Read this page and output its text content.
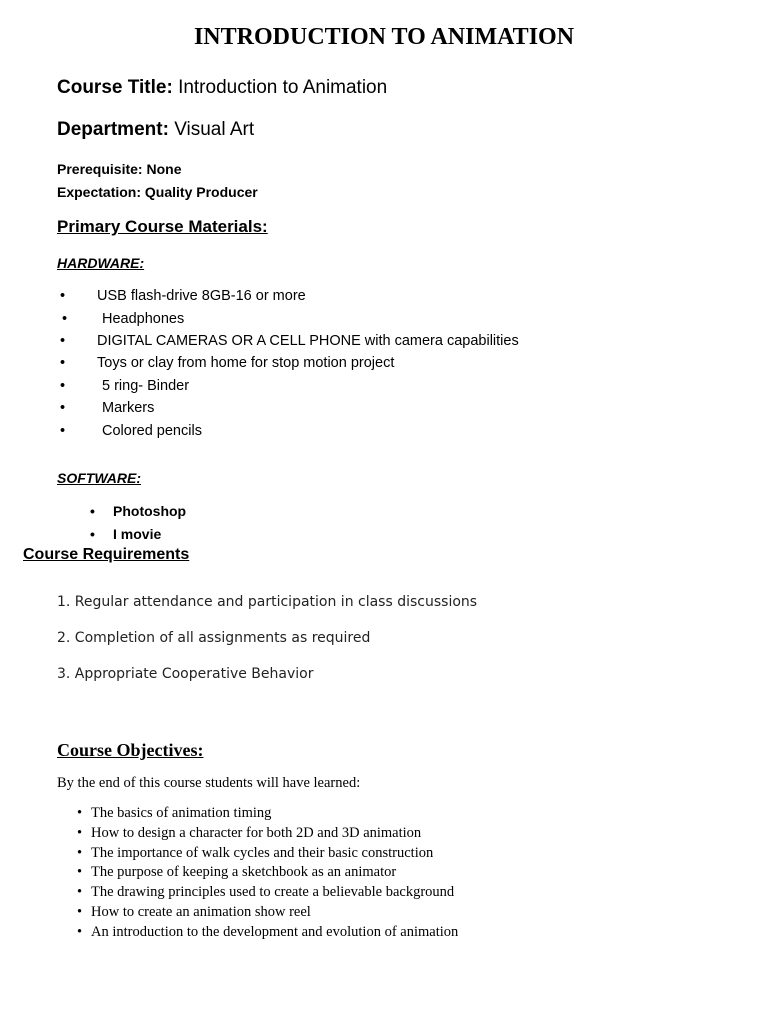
INTRODUCTION TO ANIMATION
Course Title: Introduction to Animation
Department: Visual Art
Prerequisite: None
Expectation: Quality Producer
Primary Course Materials:
HARDWARE:
• USB flash-drive 8GB-16 or more
• Headphones
• DIGITAL CAMERAS OR A CELL PHONE with camera capabilities
• Toys or clay from home for stop motion project
•	5 ring- Binder
•	Markers
•	Colored pencils
SOFTWARE:
• Photoshop
• I movie
Course Requirements
1. Regular attendance and participation in class discussions
2. Completion of all assignments as required
3. Appropriate Cooperative Behavior
Course Objectives:
By the end of this course students will have learned:
• The basics of animation timing
• How to design a character for both 2D and 3D animation
• The importance of walk cycles and their basic construction
• The purpose of keeping a sketchbook as an animator
• The drawing principles used to create a believable background
• How to create an animation show reel
• An introduction to the development and evolution of animation
